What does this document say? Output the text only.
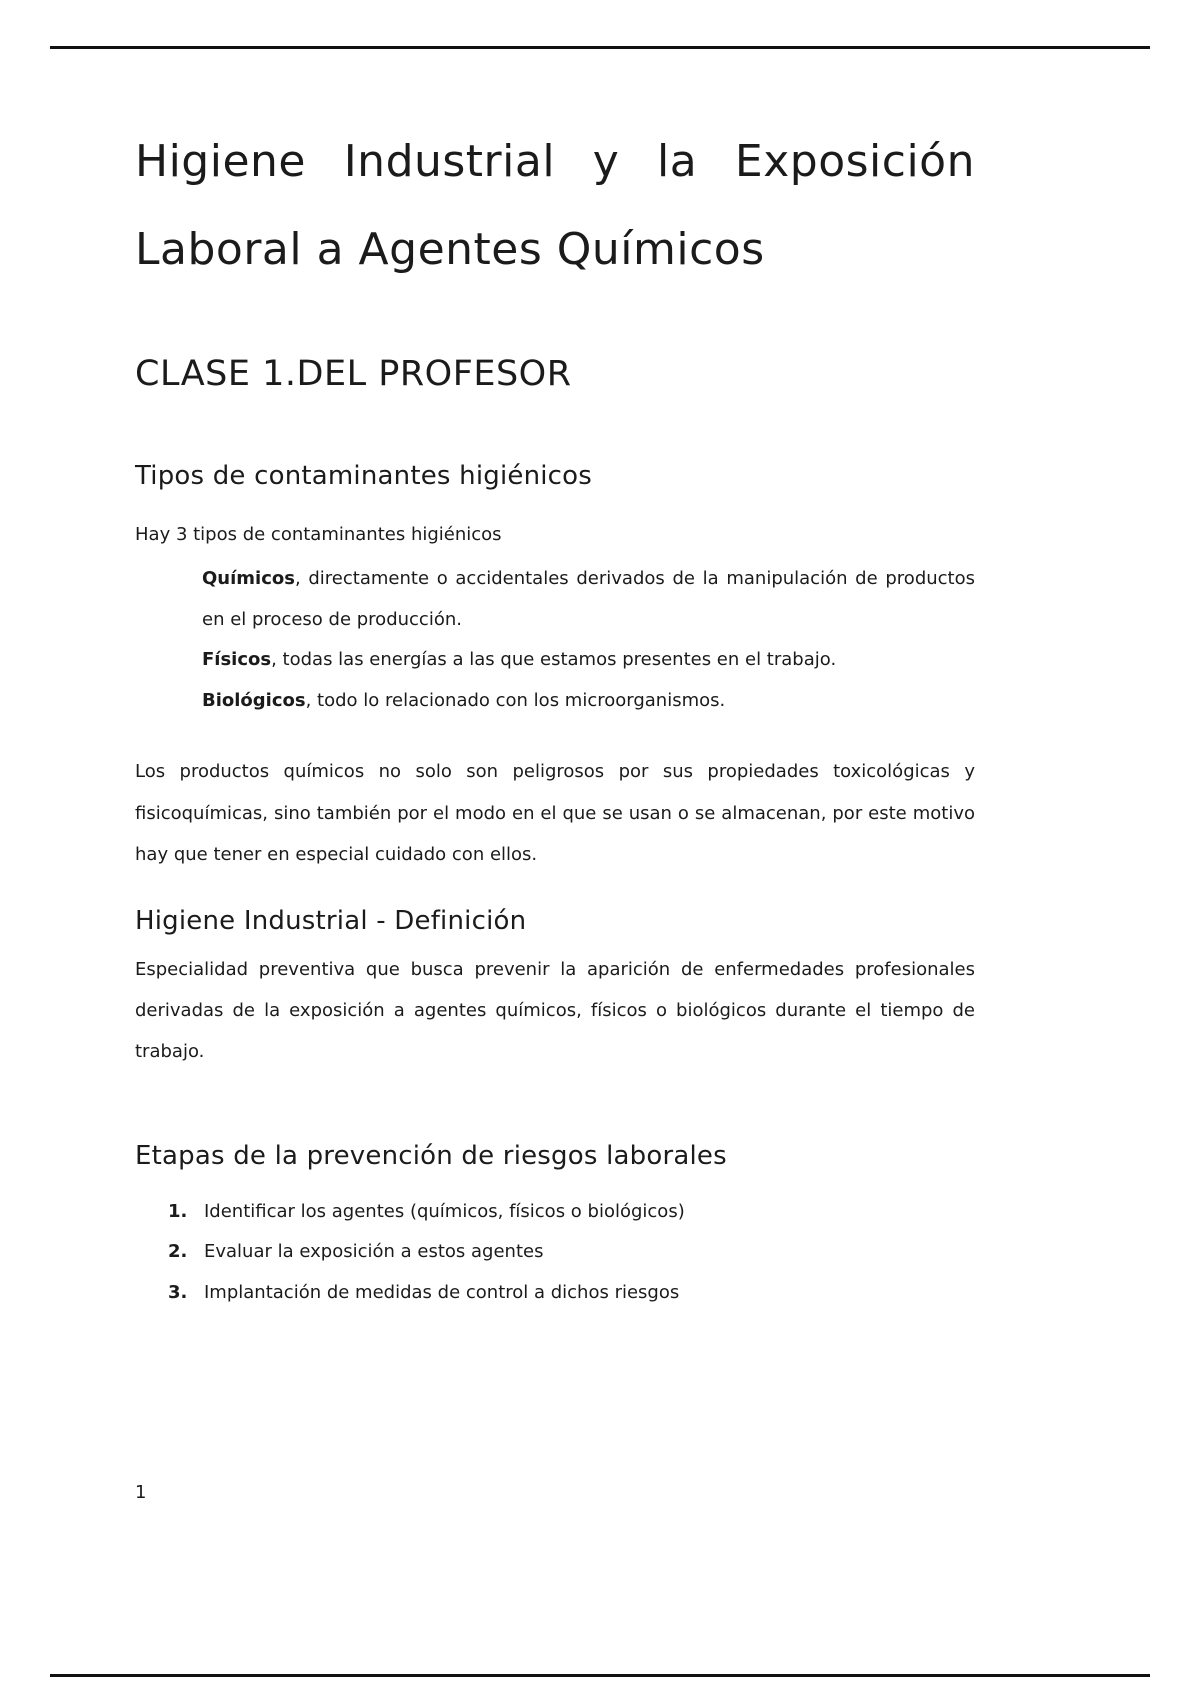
Higiene Industrial y la Exposición
Laboral a Agentes Químicos
CLASE 1.DEL PROFESOR
Tipos de contaminantes higiénicos

Hay 3 tipos de contaminantes higiénicos

Químicos, directamente o accidentales derivados de la manipulación de productos en el proceso de producción.
Físicos, todas las energías a las que estamos presentes en el trabajo.
Biológicos, todo lo relacionado con los microorganismos.

Los productos químicos no solo son peligrosos por sus propiedades toxicológicas y fisicoquímicas, sino también por el modo en el que se usan o se almacenan, por este motivo hay que tener en especial cuidado con ellos.

Higiene Industrial - Definición

Especialidad preventiva que busca prevenir la aparición de enfermedades profesionales derivadas de la exposición a agentes químicos, físicos o biológicos durante el tiempo de trabajo.

Etapas de la prevención de riesgos laborales
1. Identificar los agentes (químicos, físicos o biológicos)
2. Evaluar la exposición a estos agentes
3. Implantación de medidas de control a dichos riesgos
1
